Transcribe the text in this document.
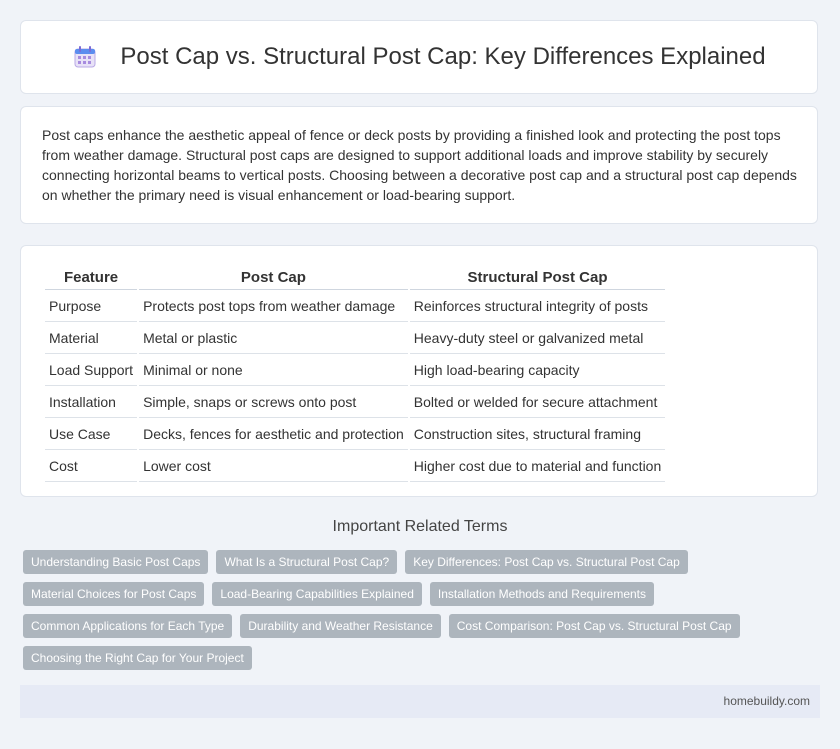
Post Cap vs. Structural Post Cap: Key Differences Explained

Post caps enhance the aesthetic appeal of fence or deck posts by providing a finished look and protecting the post tops from weather damage. Structural post caps are designed to support additional loads and improve stability by securely connecting horizontal beams to vertical posts. Choosing between a decorative post cap and a structural post cap depends on whether the primary need is visual enhancement or load-bearing support.

Feature	Post Cap	Structural Post Cap
Purpose	Protects post tops from weather damage	Reinforces structural integrity of posts
Material	Metal or plastic	Heavy-duty steel or galvanized metal
Load Support	Minimal or none	High load-bearing capacity
Installation	Simple, snaps or screws onto post	Bolted or welded for secure attachment
Use Case	Decks, fences for aesthetic and protection	Construction sites, structural framing
Cost	Lower cost	Higher cost due to material and function
Important Related Terms
Understanding Basic Post Caps	What Is a Structural Post Cap?	Key Differences: Post Cap vs. Structural Post Cap
Material Choices for Post Caps	Load-Bearing Capabilities Explained	Installation Methods and Requirements
Common Applications for Each Type	Durability and Weather Resistance	Cost Comparison: Post Cap vs. Structural Post Cap
Choosing the Right Cap for Your Project
homebuildy.com
